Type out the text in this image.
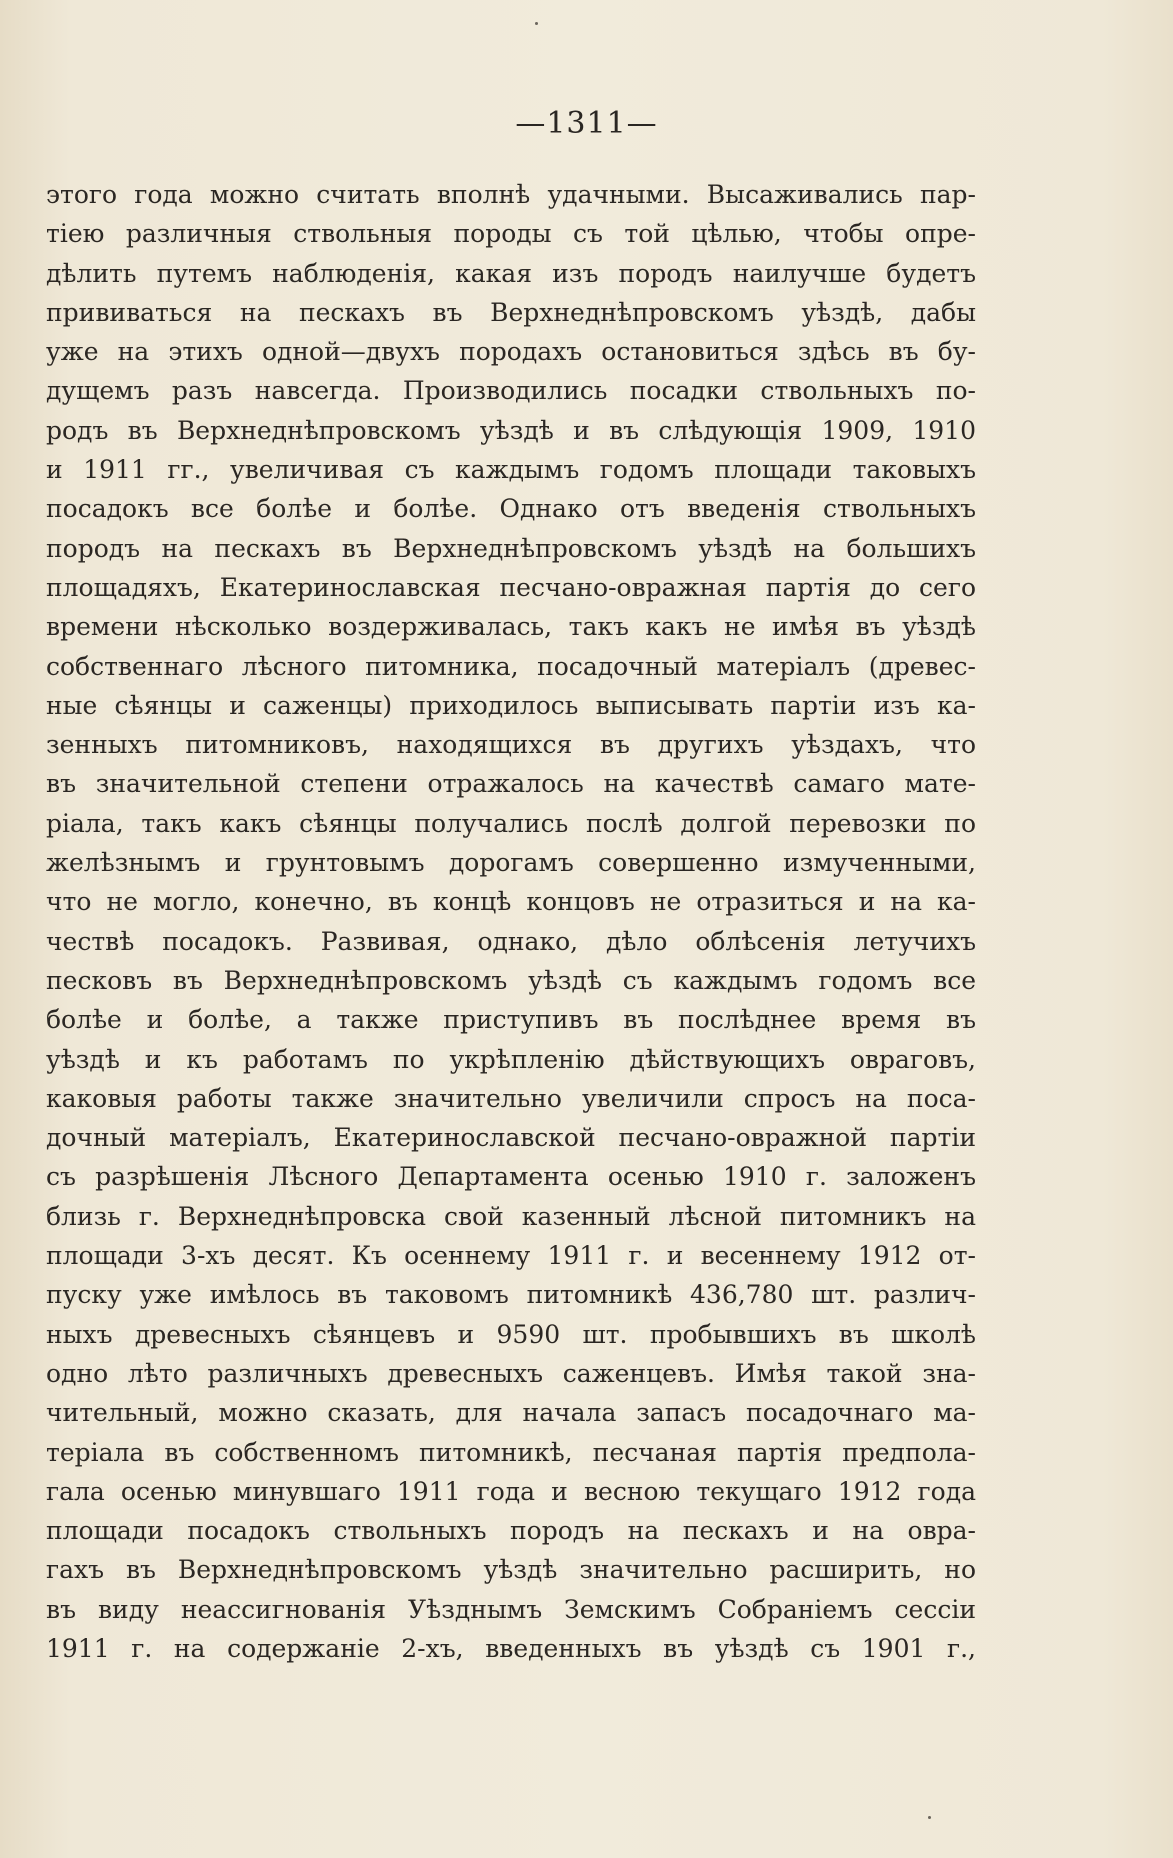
—1311—
этого года можно считать вполнѣ удачными. Высаживались пар-
тіею различныя ствольныя породы съ той цѣлью, чтобы опре-
дѣлить путемъ наблюденія, какая изъ породъ наилучше будетъ
прививаться на пескахъ въ Верхнеднѣпровскомъ уѣздѣ, дабы
уже на этихъ одной—двухъ породахъ остановиться здѣсь въ бу-
дущемъ разъ навсегда. Производились посадки ствольныхъ по-
родъ въ Верхнеднѣпровскомъ уѣздѣ и въ слѣдующія 1909, 1910
и 1911 гг., увеличивая съ каждымъ годомъ площади таковыхъ
посадокъ все болѣе и болѣе. Однако отъ введенія ствольныхъ
породъ на пескахъ въ Верхнеднѣпровскомъ уѣздѣ на большихъ
площадяхъ, Екатеринославская песчано-овражная партія до сего
времени нѣсколько воздерживалась, такъ какъ не имѣя въ уѣздѣ
собственнаго лѣсного питомника, посадочный матеріалъ (древес-
ные сѣянцы и саженцы) приходилось выписывать партіи изъ ка-
зенныхъ питомниковъ, находящихся въ другихъ уѣздахъ, что
въ значительной степени отражалось на качествѣ самаго мате-
ріала, такъ какъ сѣянцы получались послѣ долгой перевозки по
желѣзнымъ и грунтовымъ дорогамъ совершенно измученными,
что не могло, конечно, въ концѣ концовъ не отразиться и на ка-
чествѣ посадокъ. Развивая, однако, дѣло облѣсенія летучихъ
песковъ въ Верхнеднѣпровскомъ уѣздѣ съ каждымъ годомъ все
болѣе и болѣе, а также приступивъ въ послѣднее время въ
уѣздѣ и къ работамъ по укрѣпленію дѣйствующихъ овраговъ,
каковыя работы также значительно увеличили спросъ на поса-
дочный матеріалъ, Екатеринославской песчано-овражной партіи
съ разрѣшенія Лѣсного Департамента осенью 1910 г. заложенъ
близь г. Верхнеднѣпровска свой казенный лѣсной питомникъ на
площади 3-хъ десят. Къ осеннему 1911 г. и весеннему 1912 от-
пуску уже имѣлось въ таковомъ питомникѣ 436,780 шт. различ-
ныхъ древесныхъ сѣянцевъ и 9590 шт. пробывшихъ въ школѣ
одно лѣто различныхъ древесныхъ саженцевъ. Имѣя такой зна-
чительный, можно сказать, для начала запасъ посадочнаго ма-
теріала въ собственномъ питомникѣ, песчаная партія предпола-
гала осенью минувшаго 1911 года и весною текущаго 1912 года
площади посадокъ ствольныхъ породъ на пескахъ и на овра-
гахъ въ Верхнеднѣпровскомъ уѣздѣ значительно расширить, но
въ виду неассигнованія Уѣзднымъ Земскимъ Собраніемъ сессіи
1911 г. на содержаніе 2-хъ, введенныхъ въ уѣздѣ съ 1901 г.,
